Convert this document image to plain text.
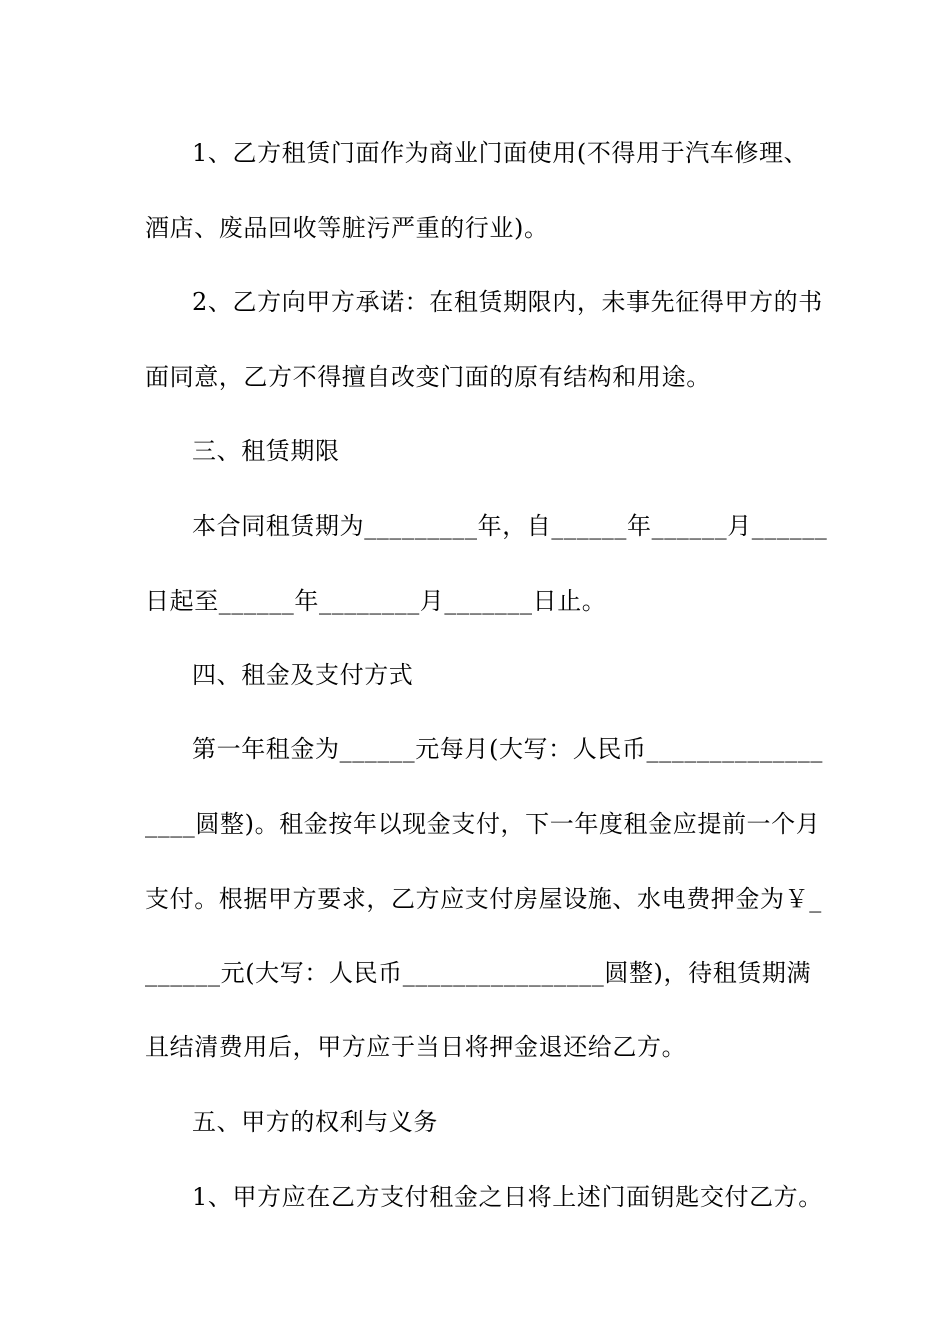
1、乙方租赁门面作为商业门面使用(不得用于汽车修理、

酒店、废品回收等脏污严重的行业)。

2、乙方向甲方承诺：在租赁期限内，未事先征得甲方的书

面同意，乙方不得擅自改变门面的原有结构和用途。

三、租赁期限

本合同租赁期为_________年，自______年______月______

日起至______年________月_______日止。

四、租金及支付方式

第一年租金为______元每月(大写：人民币______________

____圆整)。租金按年以现金支付，下一年度租金应提前一个月

支付。根据甲方要求，乙方应支付房屋设施、水电费押金为￥_

______元(大写：人民币________________圆整)，待租赁期满

且结清费用后，甲方应于当日将押金退还给乙方。

五、甲方的权利与义务

1、甲方应在乙方支付租金之日将上述门面钥匙交付乙方。
